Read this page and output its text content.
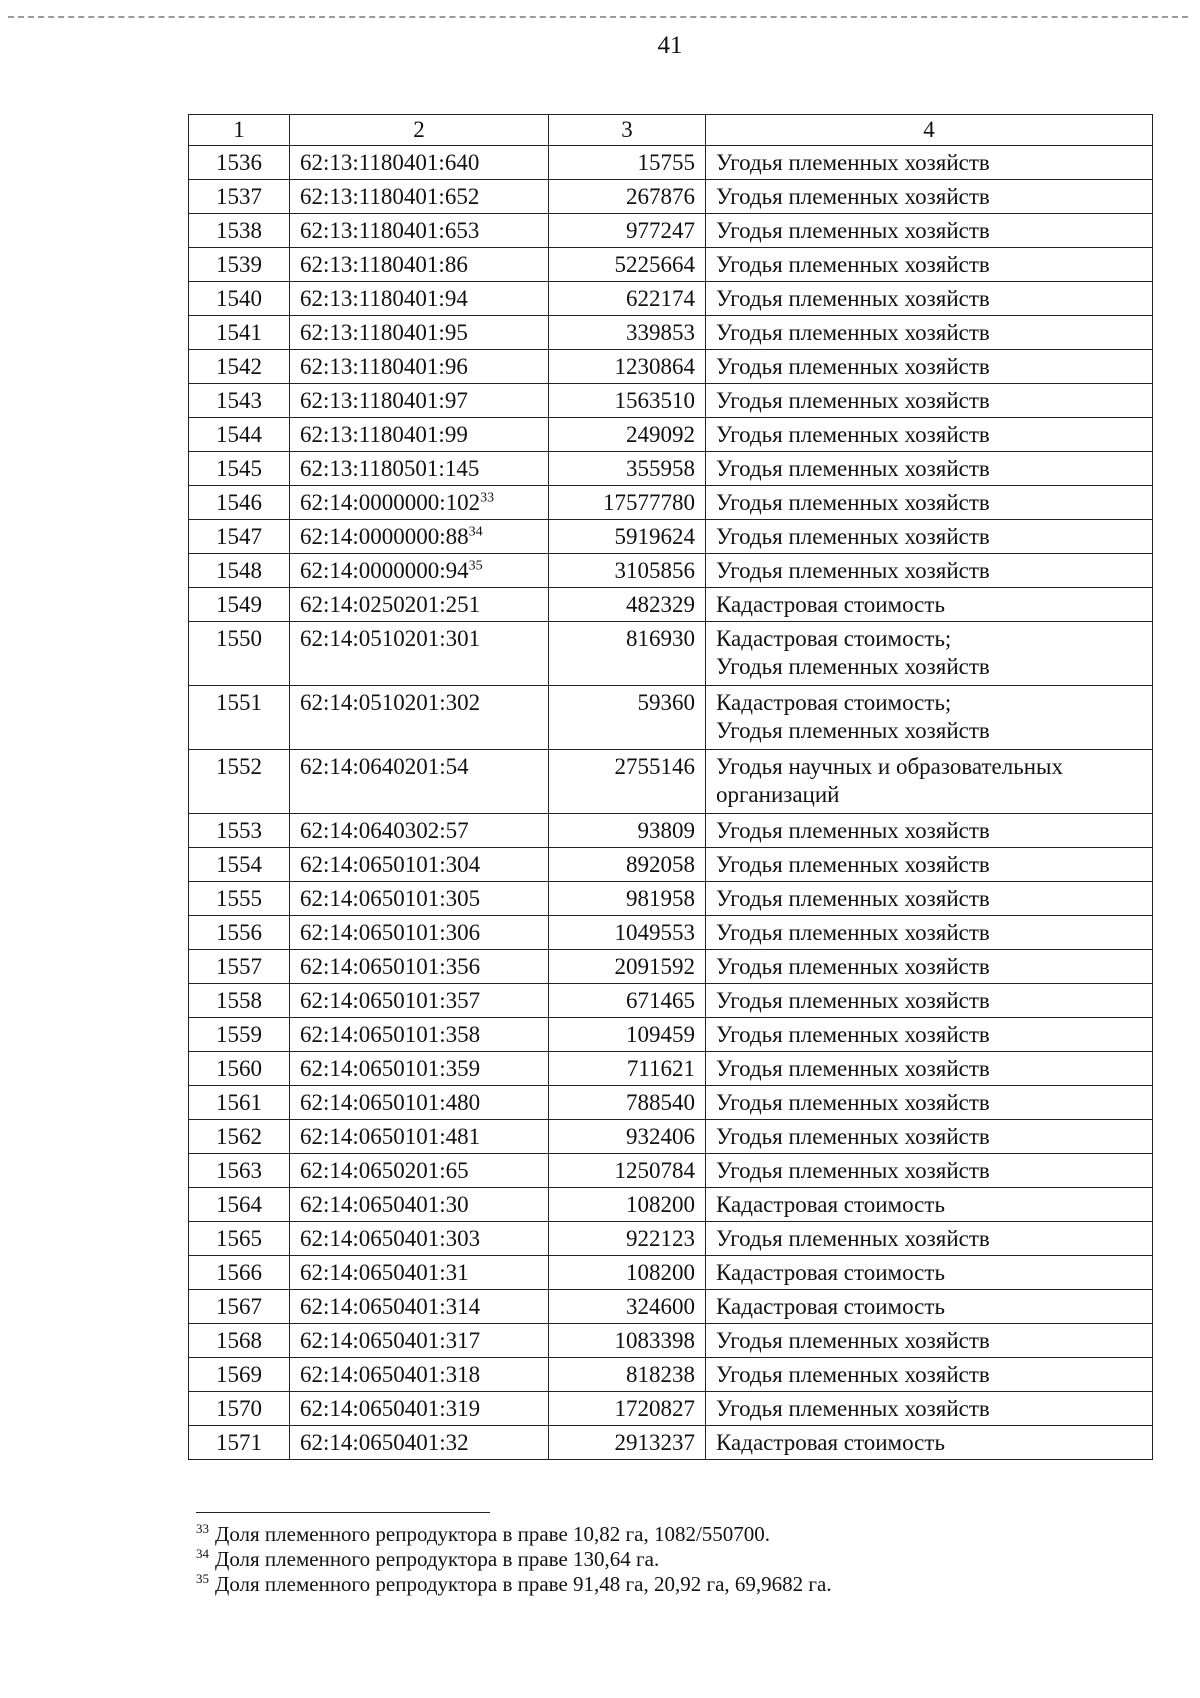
41
1	2	3	4
1536	62:13:1180401:640	15755	Угодья племенных хозяйств

1537	62:13:1180401:652	267876	Угодья племенных хозяйств

1538	62:13:1180401:653	977247	Угодья племенных хозяйств

1539	62:13:1180401:86	5225664	Угодья племенных хозяйств

1540	62:13:1180401:94	622174	Угодья племенных хозяйств

1541	62:13:1180401:95	339853	Угодья племенных хозяйств

1542	62:13:1180401:96	1230864	Угодья племенных хозяйств

1543	62:13:1180401:97	1563510	Угодья племенных хозяйств

1544	62:13:1180401:99	249092	Угодья племенных хозяйств

1545	62:13:1180501:145	355958	Угодья племенных хозяйств

1546	$62:14:0000000:102^{33}$	17577780	Угодья племенных хозяйств

1547	$62:14:0000000:88^{34}$	5919624	Угодья племенных хозяйств

1548	$62:14:0000000:94^{35}$	3105856	Угодья племенных хозяйств

1549	62:14:0250201:251	482329	Кадастровая стоимость

1550	62:14:0510201:301	816930	Кадастровая стоимость;
Угодья племенных хозяйств

1551	62:14:0510201:302	59360	Кадастровая стоимость;
Угодья племенных хозяйств

1552	62:14:0640201:54	2755146	Угодья научных и образовательных
организаций

1553	62:14:0640302:57	93809	Угодья племенных хозяйств

1554	62:14:0650101:304	892058	Угодья племенных хозяйств

1555	62:14:0650101:305	981958	Угодья племенных хозяйств

1556	62:14:0650101:306	1049553	Угодья племенных хозяйств

1557	62:14:0650101:356	2091592	Угодья племенных хозяйств

1558	62:14:0650101:357	671465	Угодья племенных хозяйств

1559	62:14:0650101:358	109459	Угодья племенных хозяйств

1560	62:14:0650101:359	711621	Угодья племенных хозяйств

1561	62:14:0650101:480	788540	Угодья племенных хозяйств

1562	62:14:0650101:481	932406	Угодья племенных хозяйств

1563	62:14:0650201:65	1250784	Угодья племенных хозяйств

1564	62:14:0650401:30	108200	Кадастровая стоимость

1565	62:14:0650401:303	922123	Угодья племенных хозяйств

1566	62:14:0650401:31	108200	Кадастровая стоимость

1567	62:14:0650401:314	324600	Кадастровая стоимость

1568	62:14:0650401:317	1083398	Угодья племенных хозяйств

1569	62:14:0650401:318	818238	Угодья племенных хозяйств

1570	62:14:0650401:319	1720827	Угодья племенных хозяйств

1571	62:14:0650401:32	2913237	Кадастровая стоимость
$^{33}$ Доля племенного репродуктора в праве 10,82 га, 1082/550700.
$^{34}$ Доля племенного репродуктора в праве 130,64 га.
$^{35}$ Доля племенного репродуктора в праве 91,48 га, 20,92 га, 69,9682 га.
